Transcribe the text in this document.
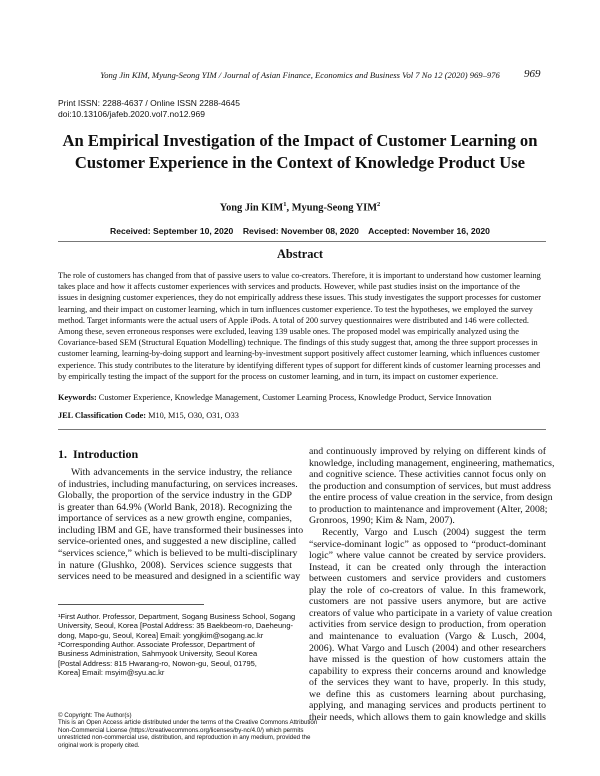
Yong Jin KIM, Myung-Seong YIM / Journal of Asian Finance, Economics and Business Vol 7 No 12 (2020) 969–976	969
Print ISSN: 2288-4637 / Online ISSN 2288-4645
doi:10.13106/jafeb.2020.vol7.no12.969
An Empirical Investigation of the Impact of Customer Learning on
Customer Experience in the Context of Knowledge Product Use
Yong Jin KIM$^1$, Myung-Seong YIM$^2$
Received: September 10, 2020    Revised: November 08, 2020    Accepted: November 16, 2020
Abstract
The role of customers has changed from that of passive users to value co-creators. Therefore, it is important to understand how customer learning
takes place and how it affects customer experiences with services and products. However, while past studies insist on the importance of the
issues in designing customer experiences, they do not empirically address these issues. This study investigates the support processes for customer
learning, and their impact on customer learning, which in turn influences customer experience. To test the hypotheses, we employed the survey
method. Target informants were the actual users of Apple iPods. A total of 200 survey questionnaires were distributed and 146 were collected.
Among these, seven erroneous responses were excluded, leaving 139 usable ones. The proposed model was empirically analyzed using the
Covariance-based SEM (Structural Equation Modelling) technique. The findings of this study suggest that, among the three support processes in
customer learning, learning-by-doing support and learning-by-investment support positively affect customer learning, which influences customer
experience. This study contributes to the literature by identifying different types of support for different kinds of customer learning processes and
by empirically testing the impact of the support for the process on customer learning, and in turn, its impact on customer experience.
Keywords: Customer Experience, Knowledge Management, Customer Learning Process, Knowledge Product, Service Innovation
JEL Classification Code: M10, M15, O30, O31, O33
1.  Introduction
With advancements in the service industry, the reliance
of industries, including manufacturing, on services increases.
Globally, the proportion of the service industry in the GDP
is greater than 64.9% (World Bank, 2018). Recognizing the
importance of services as a new growth engine, companies,
including IBM and GE, have transformed their businesses into
service-oriented ones, and suggested a new discipline, called
“services science,” which is believed to be multi-disciplinary
in nature (Glushko, 2008). Services science suggests that
services need to be measured and designed in a scientific way
and continuously improved by relying on different kinds of
knowledge, including management, engineering, mathematics,
and cognitive science. These activities cannot focus only on
the production and consumption of services, but must address
the entire process of value creation in the service, from design
to production to maintenance and improvement (Alter, 2008;
Gronroos, 1990; Kim & Nam, 2007).
Recently, Vargo and Lusch (2004) suggest the term
“service-dominant logic” as opposed to “product-dominant
logic” where value cannot be created by service providers.
Instead, it can be created only through the interaction
between customers and service providers and customers
play the role of co-creators of value. In this framework,
customers are not passive users anymore, but are active
creators of value who participate in a variety of value creation
activities from service design to production, from operation
and maintenance to evaluation (Vargo & Lusch, 2004,
2006). What Vargo and Lusch (2004) and other researchers
have missed is the question of how customers attain the
capability to express their concerns around and knowledge
of the services they want to have, properly. In this study,
we define this as customers learning about purchasing,
applying, and managing services and products pertinent to
their needs, which allows them to gain knowledge and skills
¹First Author. Professor, Department, Sogang Business School, Sogang
University, Seoul, Korea [Postal Address: 35 Baekbeom-ro, Daeheung-
dong, Mapo-gu, Seoul, Korea] Email: yongjkim@sogang.ac.kr
²Corresponding Author. Associate Professor, Department of
Business Administration, Sahmyook University, Seoul Korea
[Postal Address: 815 Hwarang-ro, Nowon-gu, Seoul, 01795,
Korea] Email: msyim@syu.ac.kr
© Copyright: The Author(s)
This is an Open Access article distributed under the terms of the Creative Commons Attribution
Non-Commercial License (https://creativecommons.org/licenses/by-nc/4.0/) which permits
unrestricted non-commercial use, distribution, and reproduction in any medium, provided the
original work is properly cited.
